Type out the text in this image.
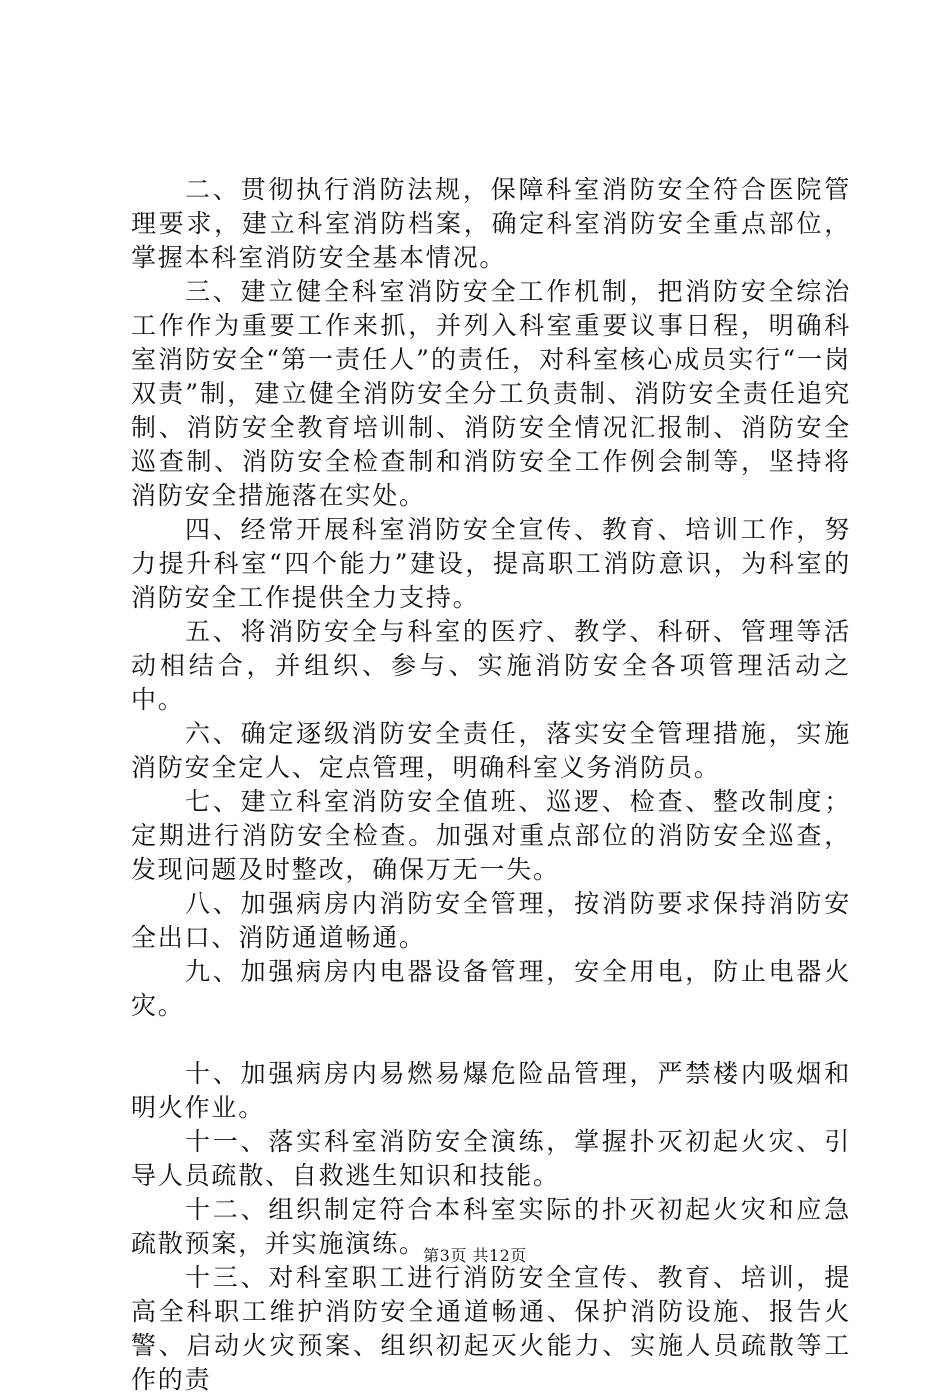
二、贯彻执行消防法规，保障科室消防安全符合医院管理要求，建立科室消防档案，确定科室消防安全重点部位，掌握本科室消防安全基本情况。

三、建立健全科室消防安全工作机制，把消防安全综治工作作为重要工作来抓，并列入科室重要议事日程，明确科室消防安全“第一责任人”的责任，对科室核心成员实行“一岗双责”制，建立健全消防安全分工负责制、消防安全责任追究制、消防安全教育培训制、消防安全情况汇报制、消防安全巡查制、消防安全检查制和消防安全工作例会制等，坚持将消防安全措施落在实处。

四、经常开展科室消防安全宣传、教育、培训工作，努力提升科室“四个能力”建设，提高职工消防意识，为科室的消防安全工作提供全力支持。

五、将消防安全与科室的医疗、教学、科研、管理等活动相结合，并组织、参与、实施消防安全各项管理活动之中。

六、确定逐级消防安全责任，落实安全管理措施，实施消防安全定人、定点管理，明确科室义务消防员。

七、建立科室消防安全值班、巡逻、检查、整改制度；定期进行消防安全检查。加强对重点部位的消防安全巡查，发现问题及时整改，确保万无一失。

八、加强病房内消防安全管理，按消防要求保持消防安全出口、消防通道畅通。

九、加强病房内电器设备管理，安全用电，防止电器火灾。

十、加强病房内易燃易爆危险品管理，严禁楼内吸烟和明火作业。

十一、落实科室消防安全演练，掌握扑灭初起火灾、引导人员疏散、自救逃生知识和技能。

十二、组织制定符合本科室实际的扑灭初起火灾和应急疏散预案，并实施演练。

十三、对科室职工进行消防安全宣传、教育、培训，提高全科职工维护消防安全通道畅通、保护消防设施、报告火警、启动火灾预案、组织初起灭火能力、实施人员疏散等工作的责

第3页 共12页
